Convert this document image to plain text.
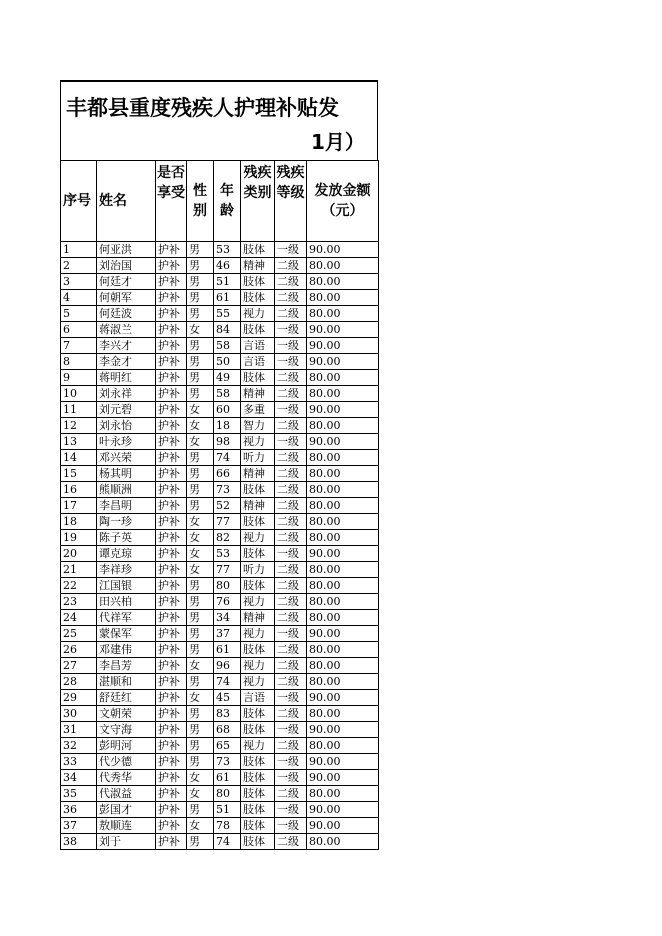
丰都县重度残疾人护理补贴发
1月）
序号	姓名	是否享受	性别	年龄	残疾类别	残疾等级	发放金额（元）

1	何亚洪	护补	男	53	肢体	一级	90.00
2	刘治国	护补	男	46	精神	二级	80.00
3	何廷才	护补	男	51	肢体	二级	80.00
4	何朝军	护补	男	61	肢体	二级	80.00
5	何廷波	护补	男	55	视力	二级	80.00
6	蒋淑兰	护补	女	84	肢体	一级	90.00
7	李兴才	护补	男	58	言语	一级	90.00
8	李金才	护补	男	50	言语	一级	90.00
9	蒋明红	护补	男	49	肢体	二级	80.00
10	刘永祥	护补	男	58	精神	二级	80.00
11	刘元碧	护补	女	60	多重	一级	90.00
12	刘永怡	护补	女	18	智力	二级	80.00
13	叶永珍	护补	女	98	视力	一级	90.00
14	邓兴荣	护补	男	74	听力	二级	80.00
15	杨其明	护补	男	66	精神	二级	80.00
16	熊顺洲	护补	男	73	肢体	二级	80.00
17	李昌明	护补	男	52	精神	二级	80.00
18	陶一珍	护补	女	77	肢体	二级	80.00
19	陈子英	护补	女	82	视力	二级	80.00
20	谭克琼	护补	女	53	肢体	一级	90.00
21	李祥珍	护补	女	77	听力	二级	80.00
22	江国银	护补	男	80	肢体	二级	80.00
23	田兴柏	护补	男	76	视力	二级	80.00
24	代祥军	护补	男	34	精神	二级	80.00
25	蒙保军	护补	男	37	视力	一级	90.00
26	邓建伟	护补	男	61	肢体	二级	80.00
27	李昌芳	护补	女	96	视力	二级	80.00
28	湛顺和	护补	男	74	视力	二级	80.00
29	舒廷红	护补	女	45	言语	一级	90.00
30	文朝荣	护补	男	83	肢体	二级	80.00
31	文守海	护补	男	68	肢体	一级	90.00
32	彭明河	护补	男	65	视力	二级	80.00
33	代少德	护补	男	73	肢体	一级	90.00
34	代秀华	护补	女	61	肢体	一级	90.00
35	代淑益	护补	女	80	肢体	二级	80.00
36	彭国才	护补	男	51	肢体	一级	90.00
37	敖顺连	护补	女	78	肢体	一级	90.00
38	刘于	护补	男	74	肢体	二级	80.00
